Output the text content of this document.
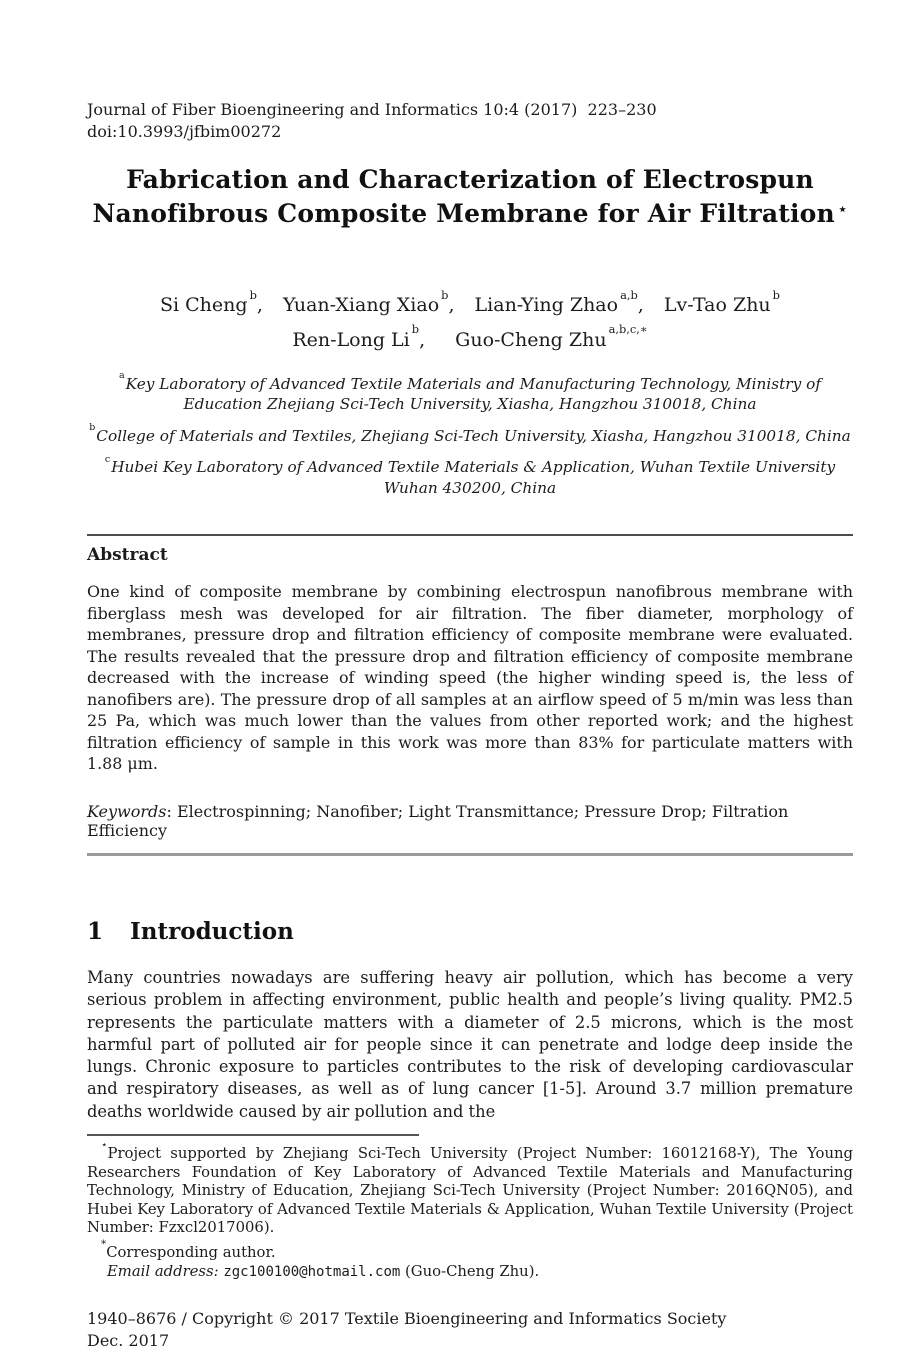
Journal of Fiber Bioengineering and Informatics 10:4 (2017)  223–230
doi:10.3993/jfbim00272
Fabrication and Characterization of Electrospun
Nanofibrous Composite Membrane for Air Filtration ⋆
Si Cheng $^b$, Yuan-Xiang Xiao $^b$, Lian-Ying Zhao $^{a,b}$, Lv-Tao Zhu $^b$
Ren-Long Li $^b$, Guo-Cheng Zhu $^{a,b,c,∗}$
$^a$Key Laboratory of Advanced Textile Materials and Manufacturing Technology, Ministry of Education Zhejiang Sci-Tech University, Xiasha, Hangzhou 310018, China
$^b$College of Materials and Textiles, Zhejiang Sci-Tech University, Xiasha, Hangzhou 310018, China
$^c$Hubei Key Laboratory of Advanced Textile Materials & Application, Wuhan Textile University Wuhan 430200, China
Abstract

One kind of composite membrane by combining electrospun nanofibrous membrane with fiberglass mesh was developed for air filtration. The fiber diameter, morphology of membranes, pressure drop and filtration efficiency of composite membrane were evaluated. The results revealed that the pressure drop and filtration efficiency of composite membrane decreased with the increase of winding speed (the higher winding speed is, the less of nanofibers are). The pressure drop of all samples at an airflow speed of 5 m/min was less than 25 Pa, which was much lower than the values from other reported work; and the highest filtration efficiency of sample in this work was more than 83% for particulate matters with 1.88 μm.

Keywords: Electrospinning; Nanofiber; Light Transmittance; Pressure Drop; Filtration Efficiency
1 Introduction

Many countries nowadays are suffering heavy air pollution, which has become a very serious problem in affecting environment, public health and people’s living quality. PM2.5 represents the particulate matters with a diameter of 2.5 microns, which is the most harmful part of polluted air for people since it can penetrate and lodge deep inside the lungs. Chronic exposure to particles contributes to the risk of developing cardiovascular and respiratory diseases, as well as of lung cancer [1-5]. Around 3.7 million premature deaths worldwide caused by air pollution and the

⋆Project supported by Zhejiang Sci-Tech University (Project Number: 16012168-Y), The Young Researchers Foundation of Key Laboratory of Advanced Textile Materials and Manufacturing Technology, Ministry of Education, Zhejiang Sci-Tech University (Project Number: 2016QN05), and Hubei Key Laboratory of Advanced Textile Materials & Application, Wuhan Textile University (Project Number: Fzxcl2017006).

*Corresponding author.
Email address: zgc100100@hotmail.com (Guo-Cheng Zhu).
1940–8676 / Copyright © 2017 Textile Bioengineering and Informatics Society
Dec. 2017
